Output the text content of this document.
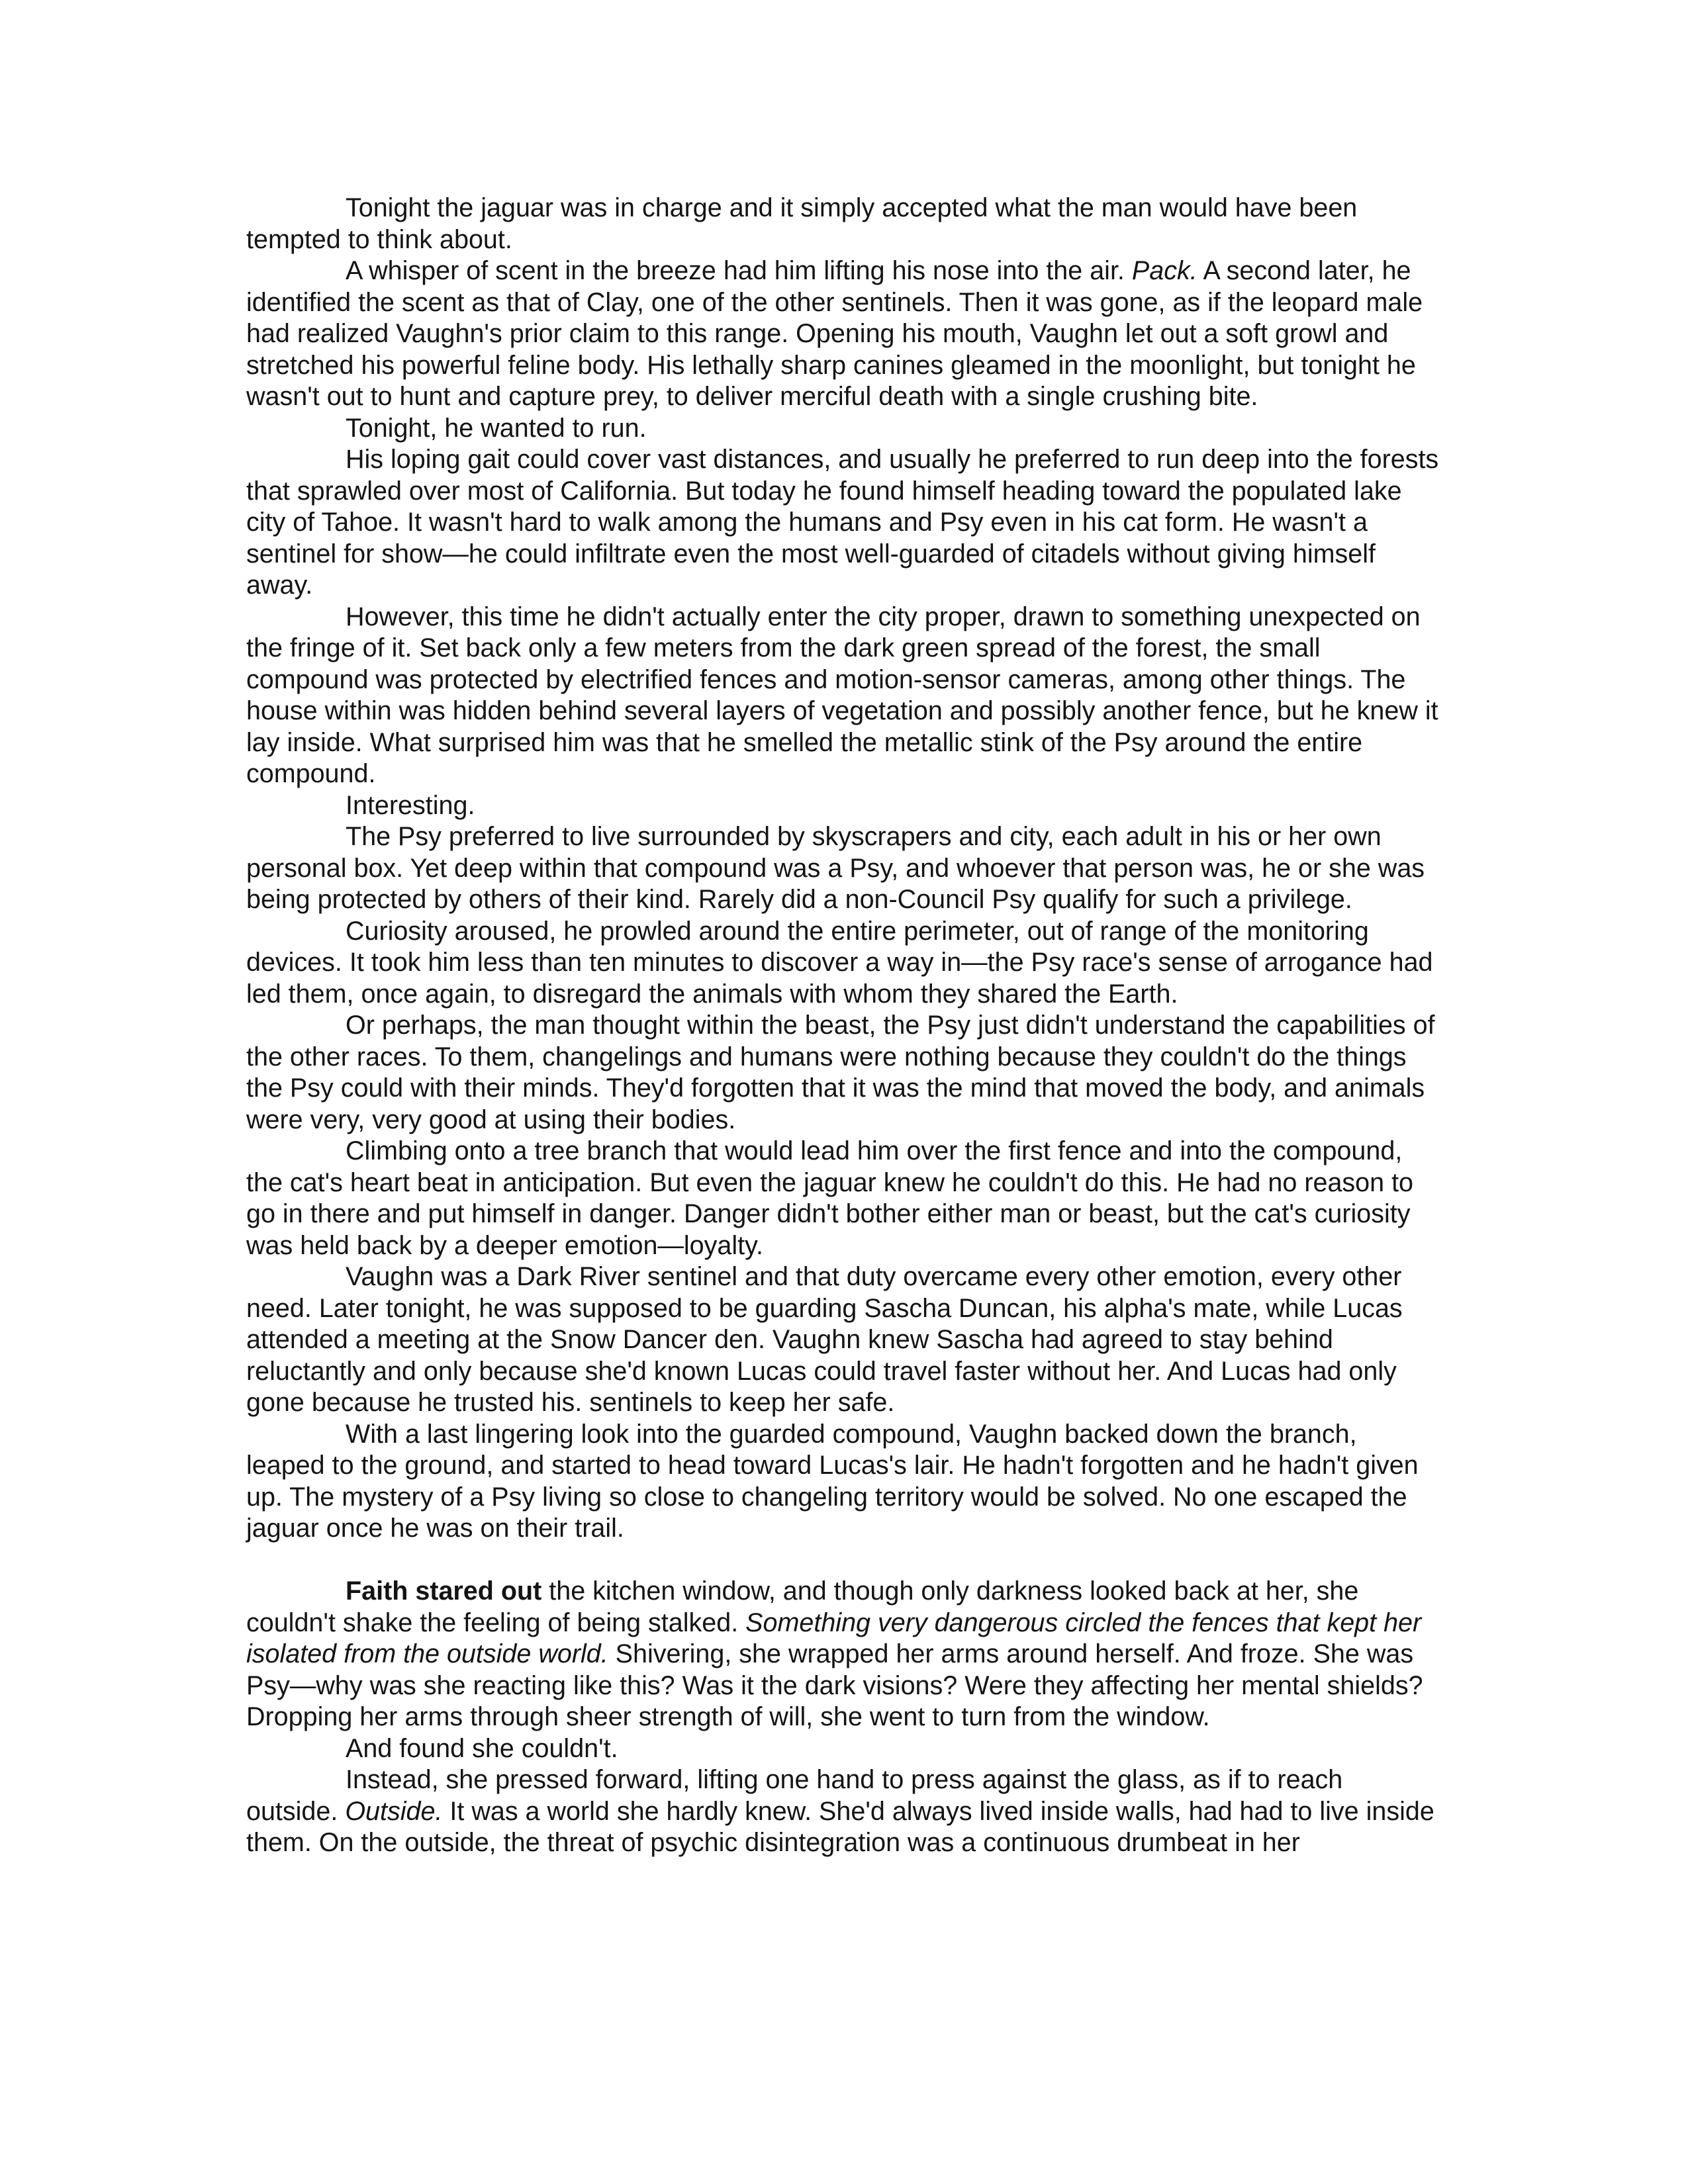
Tonight the jaguar was in charge and it simply accepted what the man would have been tempted to think about.

A whisper of scent in the breeze had him lifting his nose into the air. Pack. A second later, he identified the scent as that of Clay, one of the other sentinels. Then it was gone, as if the leopard male had realized Vaughn's prior claim to this range. Opening his mouth, Vaughn let out a soft growl and stretched his powerful feline body. His lethally sharp canines gleamed in the moonlight, but tonight he wasn't out to hunt and capture prey, to deliver merciful death with a single crushing bite.

Tonight, he wanted to run.

His loping gait could cover vast distances, and usually he preferred to run deep into the forests that sprawled over most of California. But today he found himself heading toward the populated lake city of Tahoe. It wasn't hard to walk among the humans and Psy even in his cat form. He wasn't a sentinel for show—he could infiltrate even the most well-guarded of citadels without giving himself away.

However, this time he didn't actually enter the city proper, drawn to something unexpected on the fringe of it. Set back only a few meters from the dark green spread of the forest, the small compound was protected by electrified fences and motion-sensor cameras, among other things. The house within was hidden behind several layers of vegetation and possibly another fence, but he knew it lay inside. What surprised him was that he smelled the metallic stink of the Psy around the entire compound.

Interesting.

The Psy preferred to live surrounded by skyscrapers and city, each adult in his or her own personal box. Yet deep within that compound was a Psy, and whoever that person was, he or she was being protected by others of their kind. Rarely did a non-Council Psy qualify for such a privilege.

Curiosity aroused, he prowled around the entire perimeter, out of range of the monitoring devices. It took him less than ten minutes to discover a way in—the Psy race's sense of arrogance had led them, once again, to disregard the animals with whom they shared the Earth.

Or perhaps, the man thought within the beast, the Psy just didn't understand the capabilities of the other races. To them, changelings and humans were nothing because they couldn't do the things the Psy could with their minds. They'd forgotten that it was the mind that moved the body, and animals were very, very good at using their bodies.

Climbing onto a tree branch that would lead him over the first fence and into the compound, the cat's heart beat in anticipation. But even the jaguar knew he couldn't do this. He had no reason to go in there and put himself in danger. Danger didn't bother either man or beast, but the cat's curiosity was held back by a deeper emotion—loyalty.

Vaughn was a Dark River sentinel and that duty overcame every other emotion, every other need. Later tonight, he was supposed to be guarding Sascha Duncan, his alpha's mate, while Lucas attended a meeting at the Snow Dancer den. Vaughn knew Sascha had agreed to stay behind reluctantly and only because she'd known Lucas could travel faster without her. And Lucas had only gone because he trusted his. sentinels to keep her safe.

With a last lingering look into the guarded compound, Vaughn backed down the branch, leaped to the ground, and started to head toward Lucas's lair. He hadn't forgotten and he hadn't given up. The mystery of a Psy living so close to changeling territory would be solved. No one escaped the jaguar once he was on their trail.

Faith stared out the kitchen window, and though only darkness looked back at her, she couldn't shake the feeling of being stalked. Something very dangerous circled the fences that kept her isolated from the outside world. Shivering, she wrapped her arms around herself. And froze. She was Psy—why was she reacting like this? Was it the dark visions? Were they affecting her mental shields? Dropping her arms through sheer strength of will, she went to turn from the window.

And found she couldn't.

Instead, she pressed forward, lifting one hand to press against the glass, as if to reach outside. Outside. It was a world she hardly knew. She'd always lived inside walls, had had to live inside them. On the outside, the threat of psychic disintegration was a continuous drumbeat in her
